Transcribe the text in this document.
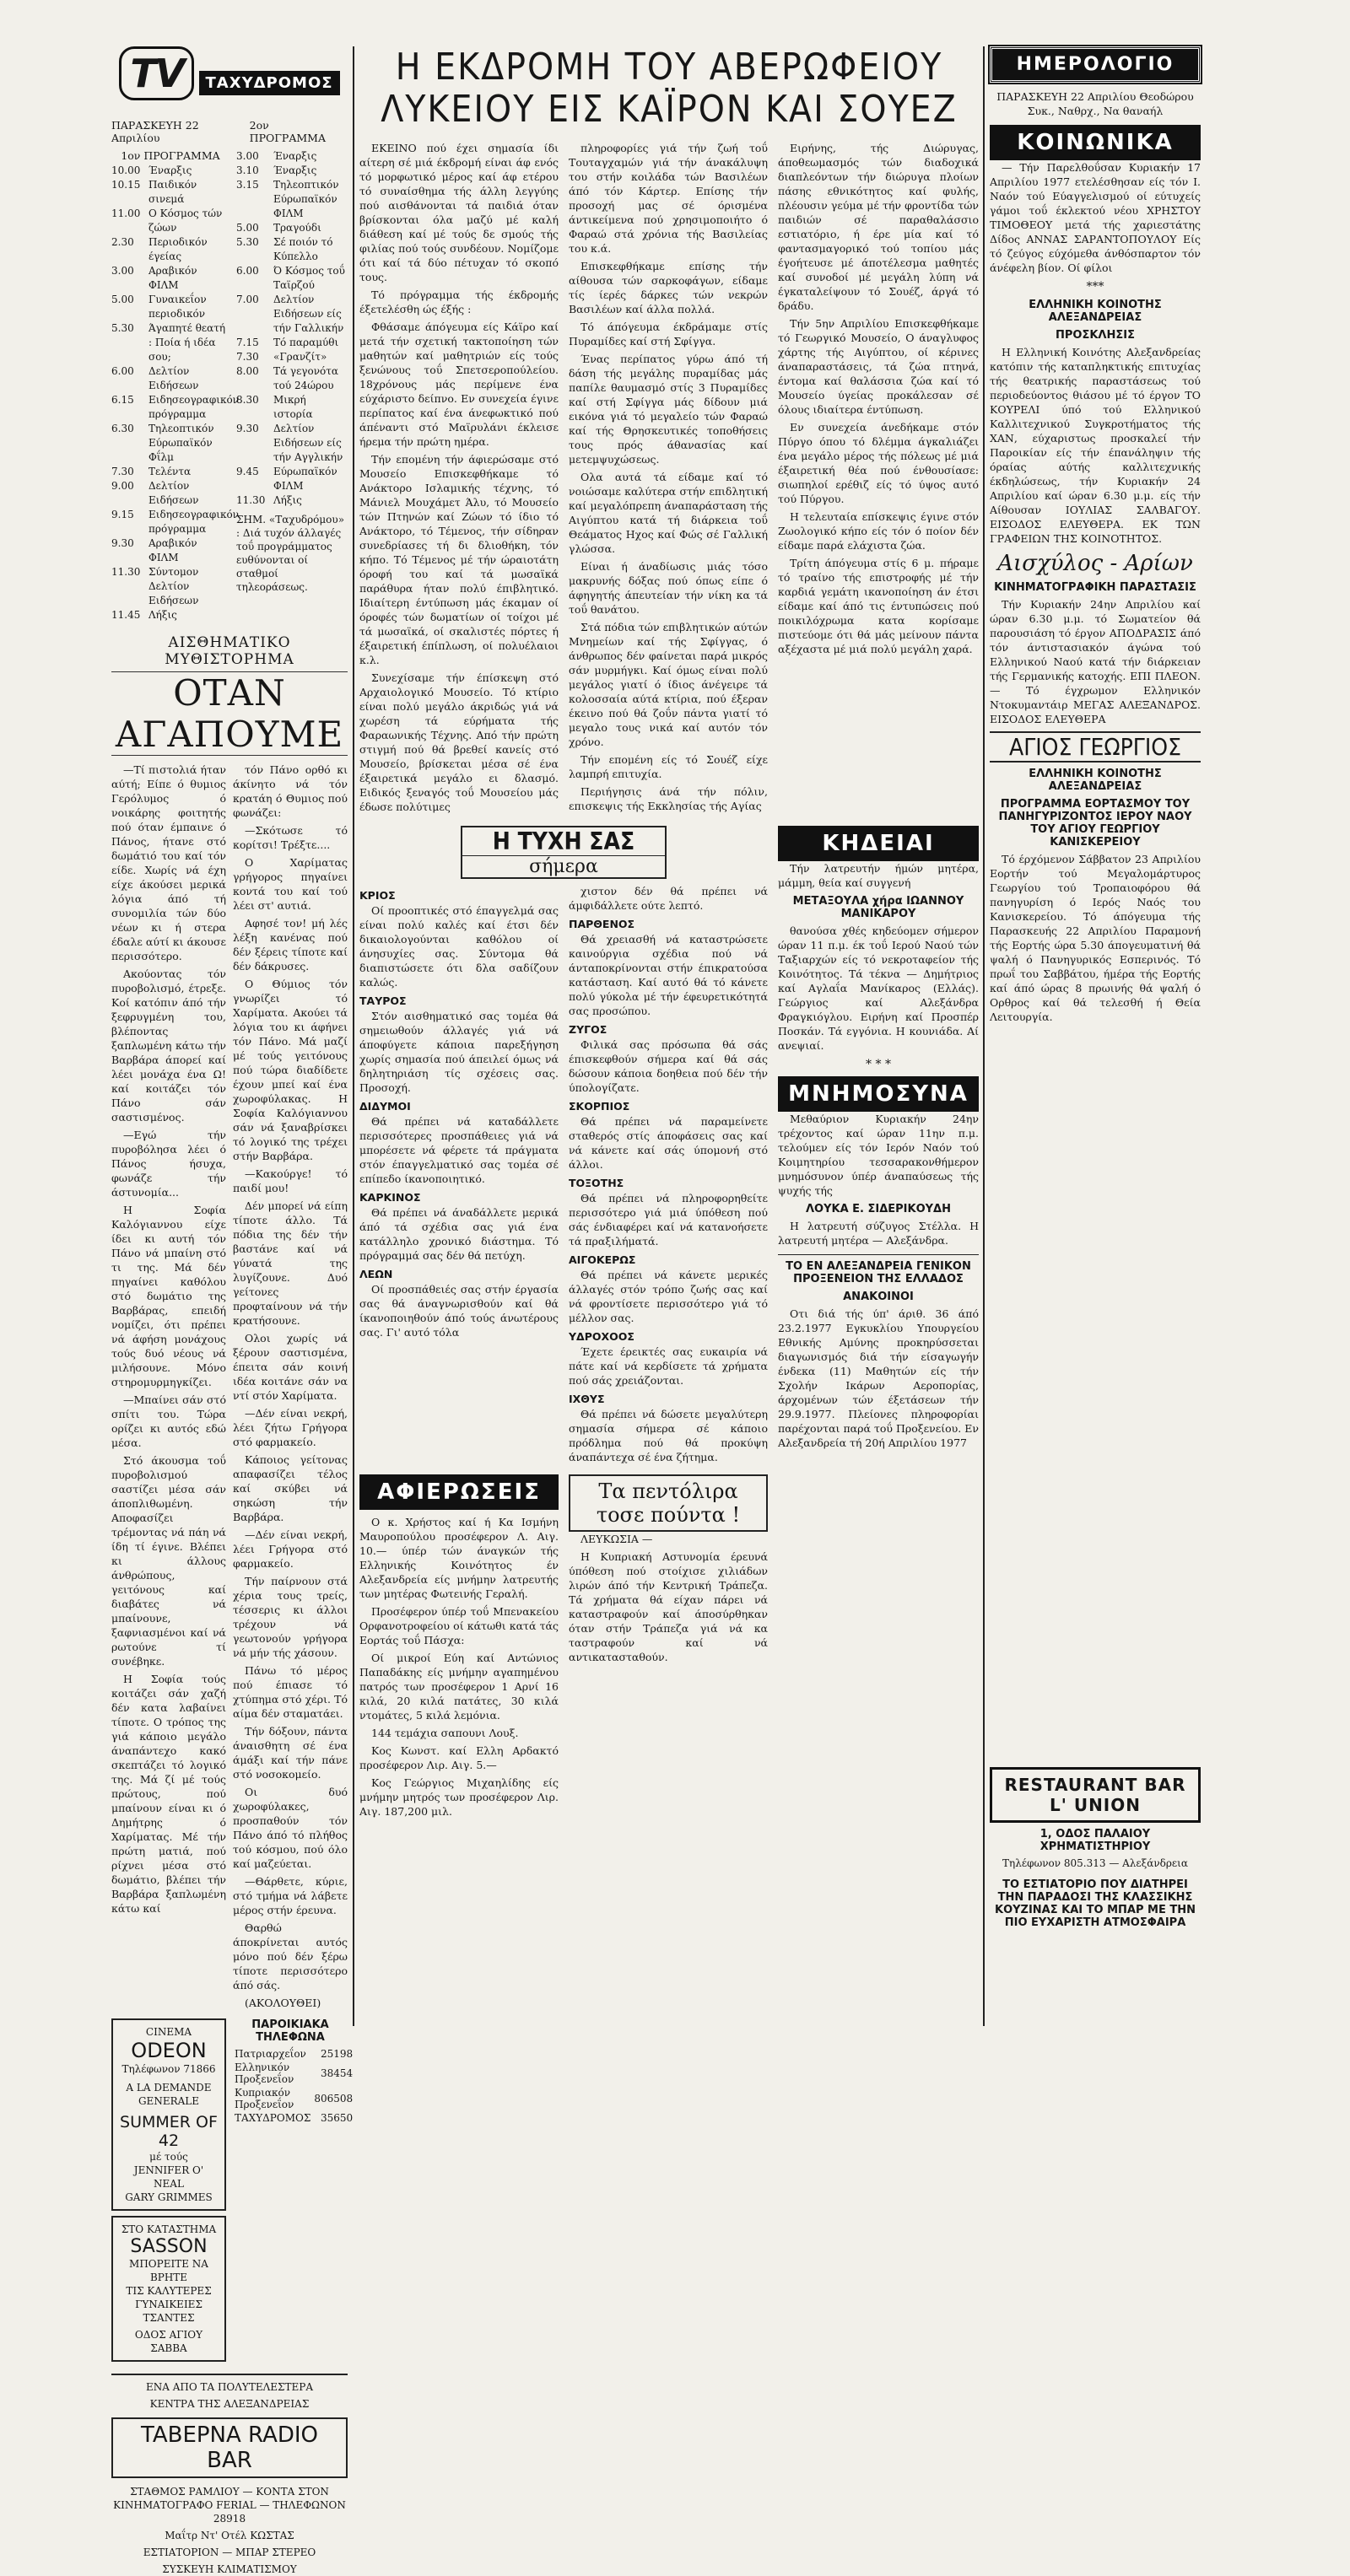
TV ΤΑΧΥΔΡΟΜΟΣ
ΠΑΡΑΣΚΕΥΗ 22 Απριλίου
2ον ΠΡΟΓΡΑΜΜΑ
1ον ΠΡΟΓΡΑΜΜΑ
10.00 Έναρξις
10.15 Παιδικόν σινεμά
11.00 Ο Κόσμος τών ζώων
2.30	Περιοδικόν έγείας
3.00	Αραβικόν ΦΙΛΜ
5.00	Γυναικεΐον περιοδικόν
5.30	Άγαπητέ θεατή : Ποία ή ιδέα σου;
6.00	Δελτίον Ειδήσεων
6.15	Ειδησεογραφικόν πρόγραμμα
6.30	Τηλεοπτικόν Εύρωπαϊκόν Φΐλμ
7.30	Τελέντα
9.00	Δελτίον Ειδήσεων
9.15	Ειδησεογραφικόν πρόγραμμα
9.30	Αραβικόν ΦΙΛΜ
11.30 Σύντομον Δελτίον Ειδήσεων
11.45 Λήξις
3.00	Έναρξις
3.10	Έναρξις
3.15	Τηλεοπτικόν Εύρωπαϊκόν ΦΙΛΜ
5.00	Τραγούδι
5.30	Σέ ποιόν τό Κύπελλο
6.00	Ό Κόσμος τοΰ Ταϊρζού
7.00	Δελτίον Ειδήσεων είς τήν Γαλλικήν
7.15	Τό παραμύθι
7.30	«Γρανζίτ»
8.00	Τά γεγονότα τού 24ώρου
8.30	Μικρή ιστορία
9.30	Δελτίον Ειδήσεων είς τήν Αγγλικήν
9.45	Εύρωπαϊκόν ΦΙΛΜ
11.30 Λήξις
ΣΗΜ. «Ταχυδρόμου» : Διά τυχόν άλλαγές τοΰ προγράμματος ευθύνονται οί σταθμοί τηλεοράσεως.
ΑΙΣΘΗΜΑΤΙΚΟ ΜΥΘΙΣΤΟΡΗΜΑ
ΟΤΑΝ ΑΓΑΠΟΥΜΕ

—Τί πιστολιά ήταν αύτή; Είπε ό θυμιος Γερόλυμος ό νοικάρης φοιτητής πού όταν έμπαινε ό Πάνος, ήτανε στό δωμάτιό του καί τόν είδε. Χωρίς νά έχη είχε άκούσει μερικά λόγια άπό τή συνομιλία τών δύο νέων κι ή στερα έδαλε αύτί κι άκουσε περισσότερο.

Ακούοντας τόν πυροβολισμό, έτρεξε. Κοί κατόπιν άπό τήν ξεφρυγμένη του, βλέποντας ξαπλωμένη κάτω τήν Βαρβάρα άπορεί καί λέει μονάχα ένα Ω! καί κοιτάζει τόν Πάνο σάν σαστισμένος.

—Εγώ τήν πυροβόλησα λέει ό Πάνος ήσυχα, φωνάζε τήν άστυνομία...

Η Σοφία Καλόγιαννου είχε ίδει κι αυτή τόν Πάνο νά μπαίνη στό τι της. Μά δέν πηγαίνει καθόλου στό δωμάτιο της Βαρβάρας, επειδή νομίζει, ότι πρέπει νά άφήση μονάχους τούς δυό νέους νά μιλήσουνε. Μόνο στηρομυρμηγκίζει.

—Μπαίνει σάν στό σπίτι του. Τώρα ορίζει κι αυτός εδώ μέσα.

Στό άκουσμα τοΰ πυροβολισμού σαστίζει μέσα σάν άποπλιθωμένη. Αποφασίζει τρέμοντας νά πάη νά ίδη τί έγινε. Βλέπει κι άλλους άνθρώπους, γειτόνους καί διαβάτες νά μπαίνουνε, ξαφνιασμένοι καί νά ρωτούνε τί συνέβηκε.

Η Σοφία τούς κοιτάζει σάν χαζή δέν κατα λαβαίνει τίποτε. Ο τρόπος της γιά κάποιο μεγάλο άναπάντεχο κακό σκεπτάζει τό λογικό της. Μά ζί μέ τούς πρώτους, πού μπαίνουν είναι κι ό Δημήτρης ό Χαρίματας. Μέ τήν πρώτη ματιά, πού ρίχνει μέσα στό δωμάτιο, βλέπει τήν Βαρβάρα ξαπλωμένη κάτω καί

τόν Πάνο ορθό κι άκίνητο νά τόν κρατάη ό Θυμιος πού φωνάζει:

—Σκότωσε τό κορίτσι! Τρέξτε....

Ο Χαρίματας γρήγορος πηγαίνει κοντά του καί τού λέει στ' αυτιά.

Αφησέ τον! μή λές λέξη κανένας πού δέν ξέρεις τίποτε καί δέν δάκρυσες.

Ο Θύμιος τόν γνωρίζει τό Χαρίματα. Ακούει τά λόγια του κι άφήνει τόν Πάνο. Μά μαζί μέ τούς γειτόνους πού τώρα διαδίδετε έχουν μπεί καί ένα χωροφύλακας. Η Σοφία Καλόγιαννου σάν νά ξαναβρίσκει τό λογικό της τρέχει στήν Βαρβάρα.

—Κακούργε! τό παιδί μου!

Δέν μπορεί νά είπη τίποτε άλλο. Τά πόδια της δέν τήν βαστάνε καί νά γύνατά της λυγίζουνε. Δυό γείτονες προφταίνουν νά τήν κρατήσουνε.

Ολοι χωρίς νά ξέρουν σαστισμένα, έπειτα σάν κοινή ιδέα κοιτάνε σάν να ντί στόν Χαρίματα.

—Δέν είναι νεκρή, λέει ζήτω Γρήγορα στό φαρμακείο.

Κάποιος γείτονας απαφασίζει τέλος καί σκύβει νά σηκώση τήν Βαρβάρα.

—Δέν είναι νεκρή, λέει Γρήγορα στό φαρμακείο.

Τήν παίρνουν στά χέρια τους τρείς, τέσσερις κι άλλοι τρέχουν νά γεωτονούν γρήγορα νά μήν τής χάσουν.

Πάνω τό μέρος πού έπιασε τό χτύπημα στό χέρι. Τό αίμα δέν σταματάει.

Τήν δόξουν, πάντα άναισθητη σέ ένα άμάξι καί τήν πάνε στό νοσοκομείο.

Οι δυό χωροφύλακες, προσπαθούν τόν Πάνο άπό τό πλήθος τού κόσμου, πού όλο καί μαζεύεται.

—Θάρθετε, κύριε, στό τμήμα νά λάβετε μέρος στήν έρευνα.

Θαρθώ άποκρίνεται αυτός μόνο πού δέν ξέρω τίποτε περισσότερο άπό σάς.

(ΑΚΟΛΟΥΘΕΙ)

CINEMA
ODEON
Τηλέφωνον 71866
A LA DEMANDE GENERALE
SUMMER OF 42
μέ τούς
JENNIFER O' NEAL
GARY GRIMMES
ΣΤΟ ΚΑΤΑΣΤΗΜΑ
SASSON
ΜΠΟΡΕΙΤΕ ΝΑ ΒΡΗΤΕ
ΤΙΣ ΚΑΛΥΤΕΡΕΣ
ΓΥΝΑΙΚΕΙΕΣ ΤΣΑΝΤΕΣ
ΟΔΟΣ ΑΓΙΟΥ ΣΑΒΒΑ
ΠΑΡΟΙΚΙΑΚΑ ΤΗΛΕΦΩΝΑ
Πατριαρχεΐον	25198
Ελληνικόν Προξενεΐον	38454
Κυπριακόν Προξενεΐον	806508
ΤΑΧΥΔΡΟΜΟΣ	35650
ΕΝΑ ΑΠΟ ΤΑ ΠΟΛΥΤΕΛΕΣΤΕΡΑ
ΚΕΝΤΡΑ ΤΗΣ ΑΛΕΞΑΝΔΡΕΙΑΣ
TABEPNA RADIO BAR
ΣΤΑΘΜΟΣ ΡΑΜΛΙΟΥ — ΚΟΝΤΑ ΣΤΟΝ ΚΙΝΗΜΑΤΟΓΡΑΦΟ FERIAL — ΤΗΛΕΦΩΝΟΝ 28918
Μαΐτρ Ντ' Οτέλ ΚΩΣΤΑΣ
ΕΣΤΙΑΤΟΡΙΟΝ — ΜΠΑΡ ΣΤΕΡΕΟ
ΣΥΣΚΕΥΗ ΚΛΙΜΑΤΙΣΜΟΥ
Η ΕΚΔΡΟΜΗ ΤΟΥ ΑΒΕΡΩΦΕΙΟΥ
ΛΥΚΕΙΟΥ ΕΙΣ ΚΑΪΡΟΝ ΚΑΙ ΣΟΥΕΖ

ΕΚΕΙΝΟ πού έχει σημασία ίδι αίτερη σέ μιά έκδρομή είναι άφ ενός τό μορφωτικό μέρος καί άφ ετέρου τό συναίσθημα τής άλλη λεγγύης πού αισθάνονται τά παιδιά όταν βρίσκονται όλα μαζύ μέ καλή διάθεση καί μέ τούς δε σμούς τής φιλίας πού τούς συνδέουν. Νομίζομε ότι καί τά δύο πέτυχαν τό σκοπό τους.

Τό πρόγραμμα τής έκδρομής έξετελέσθη ώς έξής :

Φθάσαμε άπόγευμα είς Κάϊρο καί μετά τήν σχετική τακτοποίηση τών μαθητών καί μαθητριών είς τούς ξενώνους τοΰ Σπετσεροπούλείου. 18χρόνους μάς περίμενε ένα εύχάριστο δείπνο. Εν συνεχεία έγινε περίπατος καί ένα άνεφωκτικό πού άπέναντι στό Μαϊρυλάνι έκλεισε ήρεμα τήν πρώτη ημέρα.

Τήν επομένη τήν άφιερώσαμε στό Μουσείο Επισκεφθήκαμε τό Ανάκτορο Ισλαμικής τέχνης, τό Μάνιελ Μουχάμετ Άλυ, τό Μουσείο τών Πτηνών καί Ζώων τό ίδιο τό Ανάκτορο, τό Τέμενος, τήν σίδηραν συνεδρίασες τή δι δλιοθήκη, τόν κήπο. Τό Τέμενος μέ τήν ώραιοτάτη όροφή του καί τά μωσαϊκά παράθυρα ήταν πολύ έπιβλητικό. Ιδιαίτερη έντύπωση μάς έκαμαν οί όροφές τών δωματίων οί τοίχοι μέ τά μωσαϊκά, οί σκαλιστές πόρτες ή έξαιρετική έπίπλωση, οί πολυέλαιοι κ.λ.

Συνεχίσαμε τήν έπίσκεψη στό Αρχαιολογικό Μουσείο. Τό κτίριο είναι πολύ μεγάλο άκριδώς γιά νά χωρέση τά εύρήματα τής Φαραωνικής Τέχνης. Από τήν πρώτη στιγμή πού θά βρεθεί κανείς στό Μουσείο, βρίσκεται μέσα σέ ένα έξαιρετικά μεγάλο ει δλασμό. Ειδικός ξεναγός τοΰ Μουσείου μάς έδωσε πολύτιμες

πληροφορίες γιά τήν ζωή τοΰ Τουταγχαμών γιά τήν άνακάλυψη του στήν κοιλάδα τών Βασιλέων άπό τόν Κάρτερ. Επίσης τήν προσοχή μας σέ όρισμένα άντικείμενα πού χρησιμοποιήτο ό Φαραώ στά χρόνια τής Βασιλείας του κ.ά.

Επισκεφθήκαμε επίσης τήν αίθουσα τών σαρκοφάγων, είδαμε τίς ίερές δάρκες τών νεκρών Βασιλέων καί άλλα πολλά.

Τό άπόγευμα έκδράμαμε στίς Πυραμίδες καί στή Σφίγγα.

Ένας περίπατος γύρω άπό τή δάση τής μεγάλης πυραμίδας μάς παπίλε θαυμασμό στίς 3 Πυραμίδες καί στή Σφίγγα μάς δίδουν μιά εικόνα γιά τό μεγαλείο τών Φαραώ καί τής Θρησκευτικές τοποθήσεις τους πρός άθανασίας καί μετεμψυχώσεως.

Ολα αυτά τά είδαμε καί τό νοιώσαμε καλύτερα στήν επιδλητική καί μεγαλόπρεπη άναπαράσταση τής Αιγύπτου κατά τή διάρκεια τοΰ Θεάματος Ηχος καί Φώς σέ Γαλλική γλώσσα.

Είναι ή άναδίωσις μιάς τόσο μακρυνής δόξας πού όπως είπε ό άφηγητής άπευτείαν τήν νίκη κα τά τοΰ θανάτου.

Στά πόδια τών επιβλητικών αύτών Μνημείων καί τής Σφίγγας, ό άνθρωπος δέν φαίνεται παρά μικρός σάν μυρμήγκι. Καί όμως είναι πολύ μεγάλος γιατί ό ίδιος άνέγειρε τά κολοσσαία αύτά κτίρια, πού έξεραν έκεινο πού θά ζοΰν πάντα γιατί τό μεγαλο τους νικά καί αυτόν τόν χρόνο.

Τήν επομένη είς τό Σουέζ είχε λαμπρή επιτυχία.

Περιήγησις άνά τήν πόλιν, επισκεψις τής Εκκλησίας τής Αγίας

Ειρήνης, τής Διώρυγας, άποθεωμασμός τών διαδοχικά διαπλεόντων τήν διώρυγα πλοίων πάσης εθνικότητος καί φυλής, πλέουσιν γεύμα μέ τήν φροντίδα τών παιδιών σέ παραθαλάσσιο εστιατόριο, ή έρε μία καί τό φαντασμαγορικό τού τοπίου μάς έγοήτευσε μέ άποτέλεσμα μαθητές καί συνοδοί μέ μεγάλη λύπη νά έγκαταλείψουν τό Σουέζ, άργά τό δράδυ.

Τήν 5ην Απριλίου Επισκεφθήκαμε τό Γεωργικό Μουσείο, Ο άναγλυφος χάρτης τής Αιγύπτου, οί κέρινες άναπαραστάσεις, τά ζώα πτηνά, έντομα καί θαλάσσια ζώα καί τό Μουσείο ύγείας προκάλεσαν σέ όλους ιδιαίτερα έντύπωση.

Εν συνεχεία άνεδήκαμε στόν Πύργο όπου τό δλέμμα άγκαλιάζει ένα μεγάλο μέρος τής πόλεως μέ μιά έξαιρετική θέα πού ένθουσίασε: σιωπηλοί ερέθιζ είς τό ύψος αυτό τού Πύργου.

Η τελευταία επίσκεψις έγινε στόν Ζωολογικό κήπο είς τόν ό ποίον δέν είδαμε παρά ελάχιστα ζώα.

Τρίτη άπόγευμα στίς 6 μ. πήραμε τό τραίνο τής επιστροφής μέ τήν καρδιά γεμάτη ικανοποίηση άν έτσι είδαμε καί άπό τις έντυπώσεις πού ποικιλόχρωμα κατα κορίσαμε πιστεύομε ότι θά μάς μείνουν πάντα αξέχαστα μέ μιά πολύ μεγάλη χαρά.

Η ΤΥΧΗ ΣΑΣ
σήμερα
ΚΡΙΟΣ

Οί προοπτικές στό έπαγγελμά σας είναι πολύ καλές καί έτσι δέν δικαιολογούνται καθόλου οί άνησυχίες σας. Σύντομα θά διαπιστώσετε ότι δλα σαδίζουν καλώς.

ΤΑΥΡΟΣ

Στόν αισθηματικό σας τομέα θά σημειωθούν άλλαγές γιά νά άποφύγετε κάποια παρεξήγηση χωρίς σημασία πού άπειλεί όμως νά δηλητηριάση τίς σχέσεις σας. Προσοχή.

ΔΙΔΥΜΟΙ

Θά πρέπει νά καταδάλλετε περισσότερες προσπάθειες γιά νά μπορέσετε νά φέρετε τά πράγματα στόν έπαγγελματικό σας τομέα σέ επίπεδο ίκανοποιητικό.

ΚΑΡΚΙΝΟΣ

Θά πρέπει νά άναδάλλετε μερικά άπό τά σχέδια σας γιά ένα κατάλληλο χρονικό διάστημα. Τό πρόγραμμά σας δέν θά πετύχη.

ΛΕΩΝ

Οί προσπάθειές σας στήν έργασία σας θά άναγνωρισθούν καί θά ίκανοποιηθούν άπό τούς άνωτέρους σας. Γι' αυτό τόλα

χιστον δέν θά πρέπει νά άμφιδάλλετε ούτε λεπτό.

ΠΑΡΘΕΝΟΣ

Θά χρειασθή νά καταστρώσετε καινούργια σχέδια πού νά άνταποκρίνονται στήν έπικρατούσα κατάσταση. Καί αυτό θά τό κάνετε πολύ γύκολα μέ τήν έφευρετικότητά σας προσώπου.

ΖΥΓΟΣ

Φιλικά σας πρόσωπα θά σάς έπισκεφθούν σήμερα καί θά σάς δώσουν κάποια δοηθεια πού δέν τήν ύπολογίζατε.

ΣΚΟΡΠΙΟΣ

Θά πρέπει νά παραμείνετε σταθερός στίς άποφάσεις σας καί νά κάνετε καί σάς ύπομονή στό άλλοι.

ΤΟΞΟΤΗΣ

Θά πρέπει νά πληροφορηθείτε περισσότερο γιά μιά ύπόθεση πού σάς ένδιαφέρει καί νά κατανοήσετε τά πραξιλήματά.

ΑΙΓΟΚΕΡΩΣ

Θά πρέπει νά κάνετε μερικές άλλαγές στόν τρόπο ζωής σας καί νά φροντίσετε περισσότερο γιά τό μέλλον σας.

ΥΔΡΟΧΟΟΣ

Έχετε έρεικτές σας ευκαιρία νά πάτε καί νά κερδίσετε τά χρήματα πού σάς χρειάζονται.

ΙΧΘΥΣ

Θά πρέπει νά δώσετε μεγαλύτερη σημασία σήμερα σέ κάποιο πρόδλημα πού θά προκύψη άναπάντεχα σέ ένα ζήτημα.

ΑΦΙΕΡΩΣΕΙΣ

Ο κ. Χρήστος καί ή Κα Ισμήνη Μαυροπούλου προσέφερον Λ. Αιγ. 10.— ύπέρ τών άναγκών τής Ελληνικής Κοινότητος έν Αλεξανδρεία είς μνήμην λατρευτής των μητέρας Φωτεινής Γεραλή.

Προσέφερον ύπέρ τοΰ Μπενακείου Ορφανοτροφείου οί κάτωθι κατά τάς Εορτάς τοΰ Πάσχα:

Οί μικροί Εύη καί Αντώνιος Παπαδάκης είς μνήμην αγαπημένου πατρός των προσέφερον 1 Αρνί 16 κιλά, 20 κιλά πατάτες, 30 κιλά ντομάτες, 5 κιλά λεμόνια.

144 τεμάχια σαπουνι Λουξ.

Κος Κωνστ. καί Ελλη Αρδακτό προσέφερον Λιρ. Αιγ. 5.—

Κος Γεώργιος Μιχαηλίδης είς μνήμην μητρός των προσέφερον Λιρ. Αιγ. 187,200 μιλ.

Τα πεντόλιρα
τοσε πούντα !

ΛΕΥΚΩΣΙΑ —

Η Κυπριακή Αστυνομία έρευνά ύπόθεση πού στοίχισε χιλιάδων λιρών άπό τήν Κεντρική Τράπεζα. Τά χρήματα θά είχαν πάρει νά καταστραφούν καί άποσύρθηκαν όταν στήν Τράπεζα γιά νά κα ταστραφούν καί νά αντικατασταθούν.

ΚΗΔΕΙΑΙ

Τήν λατρευτήν ήμών μητέρα, μάμμη, θεία καί συγγενή

ΜΕΤΑΞΟΥΛΑ χήρα ΙΩΑΝΝΟΥ ΜΑΝΙΚΑΡΟΥ

θανούσα χθές κηδεύομεν σήμερον ώραν 11 π.μ. έκ τοΰ Ιερού Ναού τών Ταξιαρχών είς τό νεκροταφείον τής Κοινότητος. Τά τέκνα — Δημήτριος καί Αγλαΐα Μανίκαρος (Ελλάς). Γεώργιος καί Αλεξάνδρα Φραγκιόγλου. Ειρήνη καί Προσπέρ Ποσκάν. Τά εγγόνια. Η κουνιάδα. Αί ανεψιαί.

* * *
ΜΝΗΜΟΣΥΝΑ

Μεθαύριον Κυριακήν 24ην τρέχοντος καί ώραν 11ην π.μ. τελούμεν είς τόν Ιερόν Ναόν τού Κοιμητηρίου τεσσαρακονθήμερον μνημόσυνον ύπέρ άναπαύσεως τής ψυχής τής

ΛΟΥΚΑ Ε. ΣΙΔΕΡΙΚΟΥΔΗ

Η λατρευτή σύζυγος Στέλλα. Η λατρευτή μητέρα — Αλεξάνδρα.

ΤΟ ΕΝ ΑΛΕΞΑΝΔΡΕΙΑ ΓΕΝΙΚΟΝ ΠΡΟΞΕΝΕΙΟΝ ΤΗΣ ΕΛΛΑΔΟΣ
ΑΝΑΚΟΙΝΟΙ

Οτι διά τής ύπ' άριθ. 36 άπό 23.2.1977 Εγκυκλίου Υπουργείου Εθνικής Αμύνης προκηρύσσεται διαγωνισμός διά τήν είσαγωγήν ένδεκα (11) Μαθητών είς τήν Σχολήν Ικάρων Αεροπορίας, άρχομένων τών έξετάσεων τήν 29.9.1977. Πλείονες πληροφορίαι παρέχονται παρά τοΰ Προξενείου. Εν Αλεξανδρεία τή 20ή Απριλίου 1977

ΗΜΕΡΟΛΟΓΙΟ

ΠΑΡΑΣΚΕΥΗ 22 Απριλίου Θεοδώρου Συκ., Ναθρχ., Να θαναήλ

ΚΟΙΝΩΝΙΚΑ

— Τήν Παρελθοΰσαν Κυριακήν 17 Απριλίου 1977 ετελέσθησαν είς τόν Ι. Ναόν τού Εύαγγελισμού οί εύτυχείς γάμοι τοΰ έκλεκτού νέου ΧΡΗΣΤΟΥ ΤΙΜΟΘΕΟΥ μετά τής χαριεστάτης Δίδος ΑΝΝΑΣ ΣΑΡΑΝΤΟΠΟΥΛΟΥ Είς τό ζεύγος εύχόμεθα άνθόσπαρτον τόν άνέφελη βίον. Οί φίλοι

***
ΕΛΛΗΝΙΚΗ ΚΟΙΝΟΤΗΣ ΑΛΕΞΑΝΔΡΕΙΑΣ
ΠΡΟΣΚΛΗΣΙΣ

Η Ελληνική Κοινότης Αλεξανδρείας κατόπιν τής καταπληκτικής επιτυχίας τής θεατρικής παραστάσεως τού περιοδεύοντος θιάσου μέ τό έργον ΤΟ ΚΟΥΡΕΛΙ ύπό τού Ελληνικού Καλλιτεχνικού Συγκροτήματος τής ΧΑΝ, εύχαριστως προσκαλεί τήν Παροικίαν είς τήν έπανάληψιν τής όραίας αύτής καλλιτεχνικής έκδηλώσεως, τήν Κυριακήν 24 Απριλίου καί ώραν 6.30 μ.μ. είς τήν Αίθουσαν ΙΟΥΛΙΑΣ ΣΑΛΒΑΓΟΥ. ΕΙΣΟΔΟΣ ΕΛΕΥΘΕΡΑ. ΕΚ ΤΩΝ ΓΡΑΦΕΙΩΝ ΤΗΣ ΚΟΙΝΟΤΗΤΟΣ.

Αισχύλος - Αρίων
ΚΙΝΗΜΑΤΟΓΡΑΦΙΚΗ ΠΑΡΑΣΤΑΣΙΣ

Τήν Κυριακήν 24ην Απριλίου καί ώραν 6.30 μ.μ. τό Σωματείον θά παρουσιάση τό έργον ΑΠΟΔΡΑΣΙΣ άπό τόν άντιστασιακόν άγώνα τού Ελληνικού Ναού κατά τήν διάρκειαν τής Γερμανικής κατοχής. ΕΠΙ ΠΛΕΟΝ. — Τό έγχρωμον Ελληνικόν Ντοκυμαντάιρ ΜΕΓΑΣ ΑΛΕΞΑΝΔΡΟΣ. ΕΙΣΟΔΟΣ ΕΛΕΥΘΕΡΑ

ΑΓΙΟΣ ΓΕΩΡΓΙΟΣ
ΕΛΛΗΝΙΚΗ ΚΟΙΝΟΤΗΣ ΑΛΕΞΑΝΔΡΕΙΑΣ
ΠΡΟΓΡΑΜΜΑ ΕΟΡΤΑΣΜΟΥ ΤΟΥ ΠΑΝΗΓΥΡΙΖΟΝΤΟΣ ΙΕΡΟΥ ΝΑΟΥ ΤΟΥ ΑΓΙΟΥ ΓΕΩΡΓΙΟΥ ΚΑΝΙΣΚΕΡΕΙΟΥ

Τό έρχόμενον Σάββατον 23 Απριλίου Εορτήν τού Μεγαλομάρτυρος Γεωργίου τού Τροπαιοφόρου θά πανηγυρίση ό Ιερός Ναός του Κανισκερείου. Τό άπόγευμα τής Παρασκευής 22 Απριλίου Παραμονή τής Εορτής ώρα 5.30 άπογευματινή θά ψαλή ό Πανηγυρικός Εσπερινός. Τό πρωΐ του Σαββάτου, ήμέρα τής Εορτής καί άπό ώρας 8 πρωινής θά ψαλή ό Ορθρος καί θά τελεσθή ή Θεία Λειτουργία.

RESTAURANT BAR L' UNION
1, ΟΔΟΣ ΠΑΛΑΙΟΥ ΧΡΗΜΑΤΙΣΤΗΡΙΟΥ
Τηλέφωνον 805.313 — Αλεξάνδρεια
ΤΟ ΕΣΤΙΑΤΟΡΙΟ ΠΟΥ ΔΙΑΤΗΡΕΙ ΤΗΝ ΠΑΡΑΔΟΣΙ ΤΗΣ ΚΛΑΣΣΙΚΗΣ ΚΟΥΖΙΝΑΣ ΚΑΙ ΤΟ ΜΠΑΡ ΜΕ ΤΗΝ ΠΙΟ ΕΥΧΑΡΙΣΤΗ ΑΤΜΟΣΦΑΙΡΑ
